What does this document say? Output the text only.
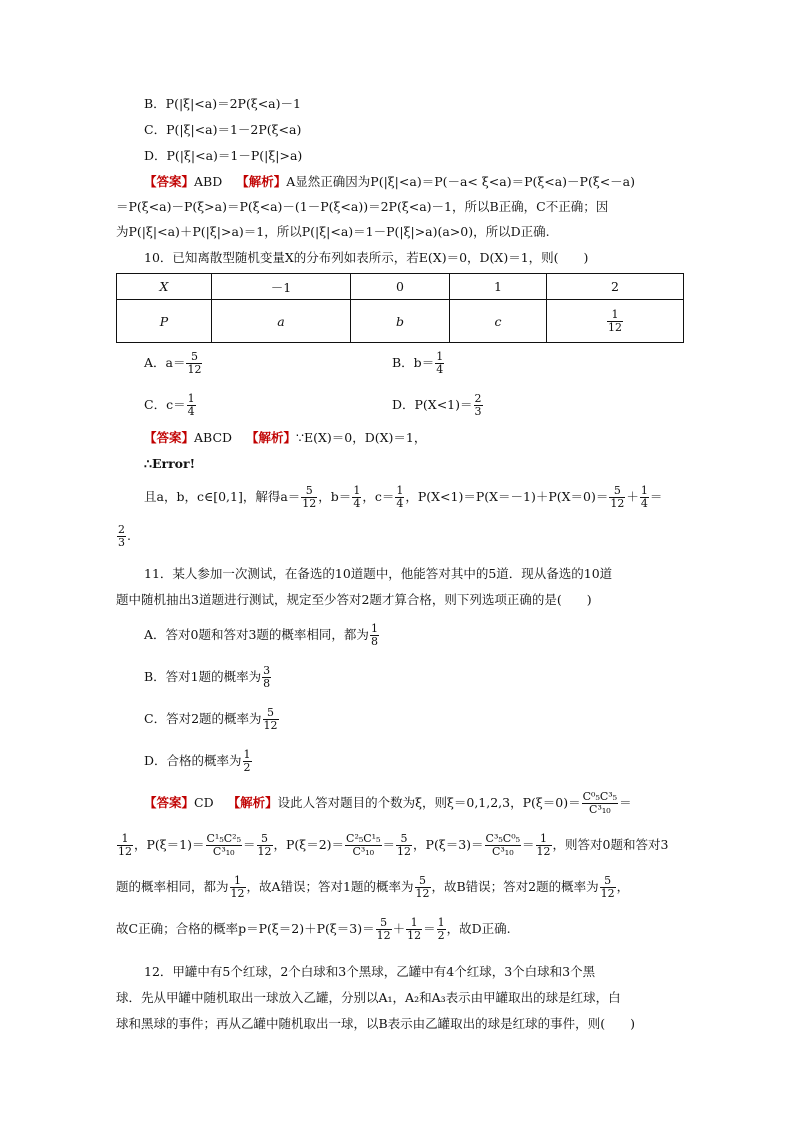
B．P(|ξ|<a)＝2P(ξ<a)－1
C．P(|ξ|<a)＝1－2P(ξ<a)
D．P(|ξ|<a)＝1－P(|ξ|>a)
【答案】ABD 【解析】A显然正确因为P(|ξ|<a)＝P(－a< ξ<a)＝P(ξ<a)－P(ξ<－a)
＝P(ξ<a)－P(ξ>a)＝P(ξ<a)－(1－P(ξ<a))＝2P(ξ<a)－1，所以B正确，C不正确；因
为P(|ξ|<a)＋P(|ξ|>a)＝1，所以P(|ξ|<a)＝1－P(|ξ|>a)(a>0)，所以D正确.
10．已知离散型随机变量X的分布列如表所示，若E(X)＝0，D(X)＝1，则(　　)
X	－1	0	1	2
P	a	b	c	$\frac{1}{12}$
A．$a= \frac{5}{12}$	B．$b= \frac{1}{4}$
C．$c= \frac{1}{4}$	D．$P(X<1)= \frac{2}{3}$
【答案】ABCD 【解析】∵E(X)＝0，D(X)＝1，
∴Error!
且a，b，c∈[0,1]，解得$a= \frac{5}{12}$ ，$b= \frac{1}{4}$ ，$c= \frac{1}{4}$ ，$P(X<1)=P(X=-1)+P(X=0)= \frac{5}{12} + \frac{1}{4}$ ＝
$\frac{2}{3}$ .
11．某人参加一次测试，在备选的10道题中，他能答对其中的5道．现从备选的10道
题中随机抽出3道题进行测试，规定至少答对2题才算合格，则下列选项正确的是(　　)
A．答对0题和答对3题的概率相同，都为 $\frac{1}{8}$
B．答对1题的概率为 $\frac{3}{8}$
C．答对2题的概率为 $\frac{5}{12}$
D．合格的概率为 $\frac{1}{2}$
【答案】CD 【解析】设此人答对题目的个数为ξ，则ξ＝0,1,2,3，$P(\xi=0)= \frac{\text{C⁰₅C³₅}}{\text{C³₁₀}}$ ＝
$\frac{1}{12}$ ，$P(\xi=1)= \frac{\text{C¹₅C²₅}}{\text{C³₁₀}} = \frac{5}{12}$ ，$P(\xi=2)= \frac{\text{C²₅C¹₅}}{\text{C³₁₀}} = \frac{5}{12}$ ，$P(\xi=3)= \frac{\text{C³₅C⁰₅}}{\text{C³₁₀}} = \frac{1}{12}$ ，则答对0题和答对3
题的概率相同，都为 $\frac{1}{12}$ ，故A错误；答对1题的概率为 $\frac{5}{12}$ ，故B错误；答对2题的概率为 $\frac{5}{12}$ ，
故C正确；合格的概率$p=P(\xi=2)+P(\xi=3)= \frac{5}{12} + \frac{1}{12} = \frac{1}{2}$ ，故D正确.
12．甲罐中有5个红球，2个白球和3个黑球，乙罐中有4个红球，3个白球和3个黑
球．先从甲罐中随机取出一球放入乙罐，分别以A₁，A₂和A₃表示由甲罐取出的球是红球，白
球和黑球的事件；再从乙罐中随机取出一球，以B表示由乙罐取出的球是红球的事件，则(　　)
